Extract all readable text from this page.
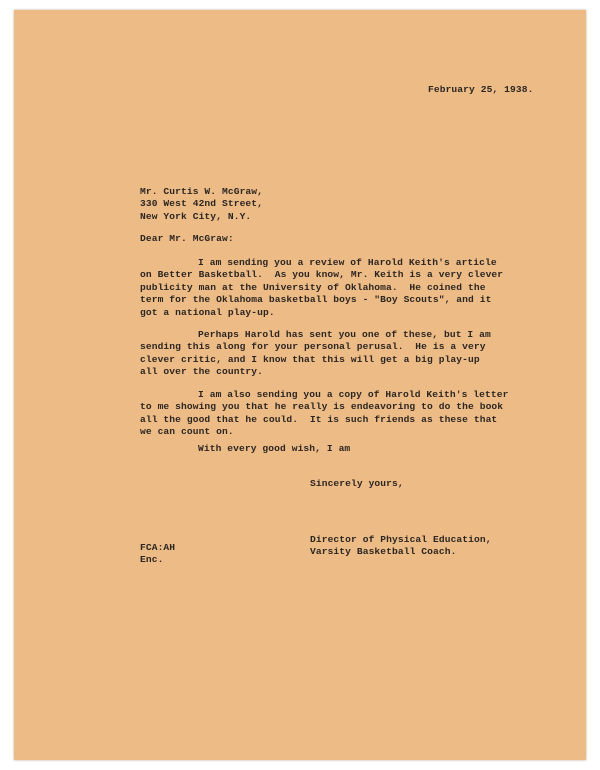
February 25, 1938.
Mr. Curtis W. McGraw,
330 West 42nd Street,
New York City, N.Y.
Dear Mr. McGraw:
I am sending you a review of Harold Keith's article
on Better Basketball.  As you know, Mr. Keith is a very clever
publicity man at the University of Oklahoma.  He coined the
term for the Oklahoma basketball boys - "Boy Scouts", and it
got a national play-up.
Perhaps Harold has sent you one of these, but I am
sending this along for your personal perusal.  He is a very
clever critic, and I know that this will get a big play-up
all over the country.
I am also sending you a copy of Harold Keith's letter
to me showing you that he really is endeavoring to do the book
all the good that he could.  It is such friends as these that
we can count on.
With every good wish, I am
Sincerely yours,
Director of Physical Education,
Varsity Basketball Coach.
FCA:AH
Enc.
